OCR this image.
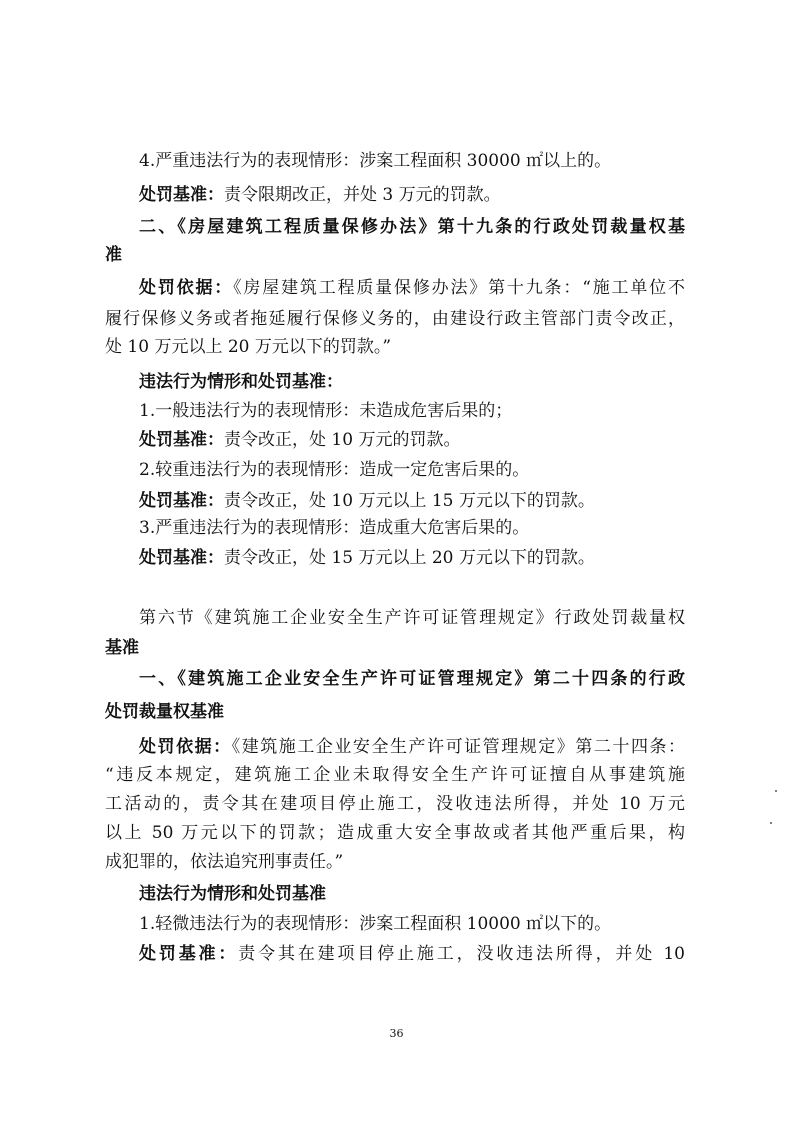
4.严重违法行为的表现情形：涉案工程面积 30000 ㎡以上的。
处罚基准：责令限期改正，并处 3 万元的罚款。
二、《房屋建筑工程质量保修办法》第十九条的行政处罚裁量权基
准
处罚依据：《房屋建筑工程质量保修办法》第十九条：“施工单位不
履行保修义务或者拖延履行保修义务的，由建设行政主管部门责令改正，
处 10 万元以上 20 万元以下的罚款。”
违法行为情形和处罚基准：
1.一般违法行为的表现情形：未造成危害后果的；
处罚基准：责令改正，处 10 万元的罚款。
2.较重违法行为的表现情形：造成一定危害后果的。
处罚基准：责令改正，处 10 万元以上 15 万元以下的罚款。
3.严重违法行为的表现情形：造成重大危害后果的。
处罚基准：责令改正，处 15 万元以上 20 万元以下的罚款。
第六节《建筑施工企业安全生产许可证管理规定》行政处罚裁量权
基准
一、《建筑施工企业安全生产许可证管理规定》第二十四条的行政
处罚裁量权基准
处罚依据：《建筑施工企业安全生产许可证管理规定》第二十四条：
“违反本规定，建筑施工企业未取得安全生产许可证擅自从事建筑施
工活动的，责令其在建项目停止施工，没收违法所得，并处 10 万元
以上 50 万元以下的罚款；造成重大安全事故或者其他严重后果，构
成犯罪的，依法追究刑事责任。”
违法行为情形和处罚基准
1.轻微违法行为的表现情形：涉案工程面积 10000 ㎡以下的。
处罚基准：责令其在建项目停止施工，没收违法所得，并处 10
36
